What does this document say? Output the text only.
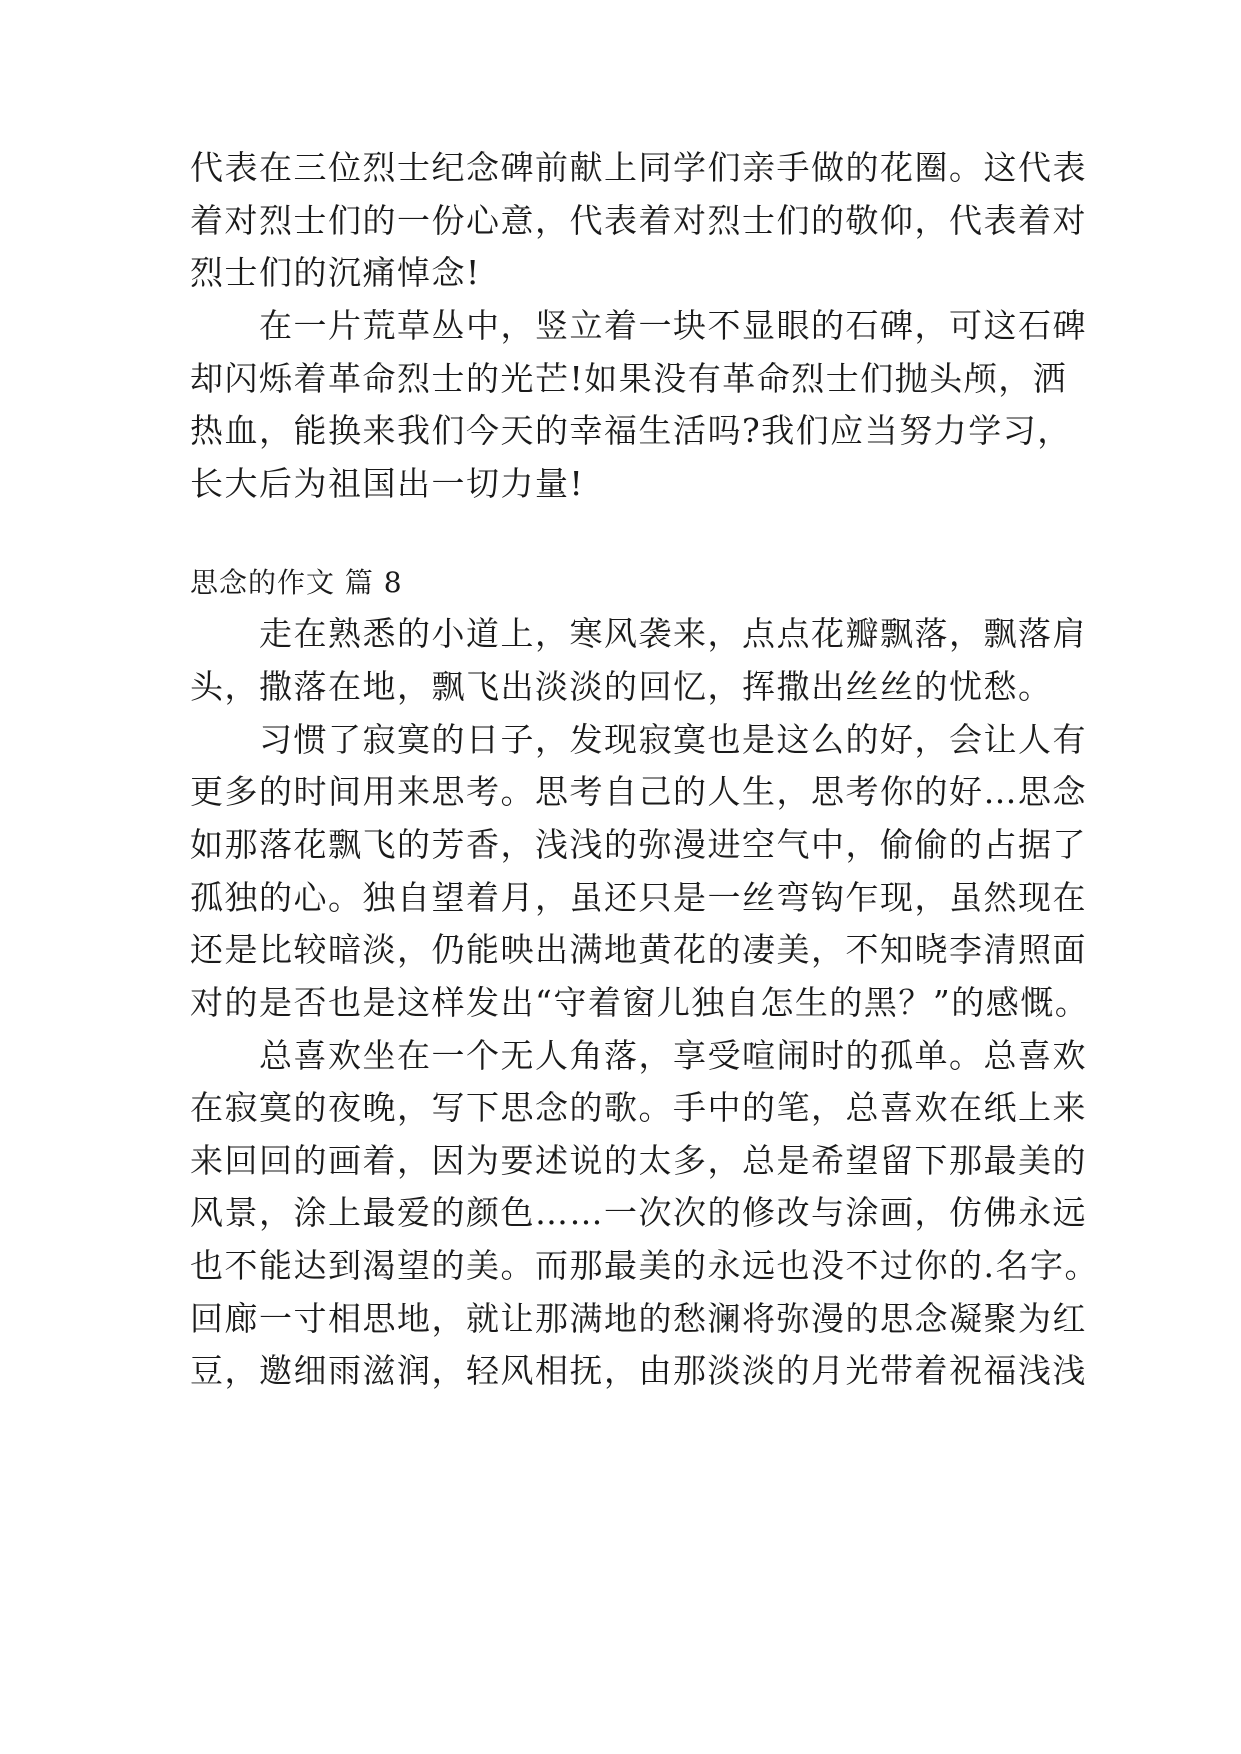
代表在三位烈士纪念碑前献上同学们亲手做的花圈。这代表
着对烈士们的一份心意，代表着对烈士们的敬仰，代表着对
烈士们的沉痛悼念!
　　在一片荒草丛中，竖立着一块不显眼的石碑，可这石碑
却闪烁着革命烈士的光芒!如果没有革命烈士们抛头颅，洒
热血，能换来我们今天的幸福生活吗?我们应当努力学习，
长大后为祖国出一切力量!
思念的作文 篇 8
　　走在熟悉的小道上，寒风袭来，点点花瓣飘落，飘落肩
头，撒落在地，飘飞出淡淡的回忆，挥撒出丝丝的忧愁。
　　习惯了寂寞的日子，发现寂寞也是这么的好，会让人有
更多的时间用来思考。思考自己的人生，思考你的好…思念
如那落花飘飞的芳香，浅浅的弥漫进空气中，偷偷的占据了
孤独的心。独自望着月，虽还只是一丝弯钩乍现，虽然现在
还是比较暗淡，仍能映出满地黄花的凄美，不知晓李清照面
对的是否也是这样发出“守着窗儿独自怎生的黑？”的感慨。
　　总喜欢坐在一个无人角落，享受喧闹时的孤单。总喜欢
在寂寞的夜晚，写下思念的歌。手中的笔，总喜欢在纸上来
来回回的画着，因为要述说的太多，总是希望留下那最美的
风景，涂上最爱的颜色……一次次的修改与涂画，仿佛永远
也不能达到渴望的美。而那最美的永远也没不过你的.名字。
回廊一寸相思地，就让那满地的愁澜将弥漫的思念凝聚为红
豆，邀细雨滋润，轻风相抚，由那淡淡的月光带着祝福浅浅
